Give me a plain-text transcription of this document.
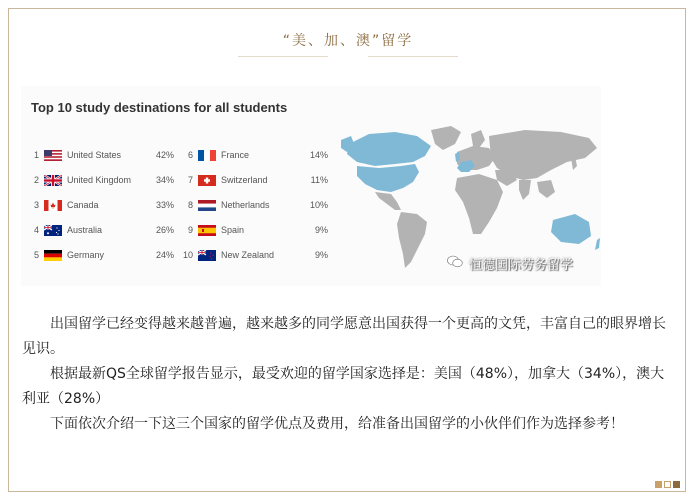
“美、加、澳”留学
Top 10 study destinations for all students
1	United States	42%
2	United Kingdom	34%
3	Canada	33%
4	Australia	26%
5	Germany	24%
6	France	14%
7	Switzerland	11%
8	Netherlands	10%
9	Spain	9%
10	New Zealand	9%
恒德国际劳务留学

出国留学已经变得越来越普遍，越来越多的同学愿意出国获得一个更高的文凭，丰富自己的眼界增长见识。

根据最新QS全球留学报告显示，最受欢迎的留学国家选择是：美国（48%），加拿大（34%），澳大利亚（28%）

下面依次介绍一下这三个国家的留学优点及费用，给准备出国留学的小伙伴们作为选择参考！
